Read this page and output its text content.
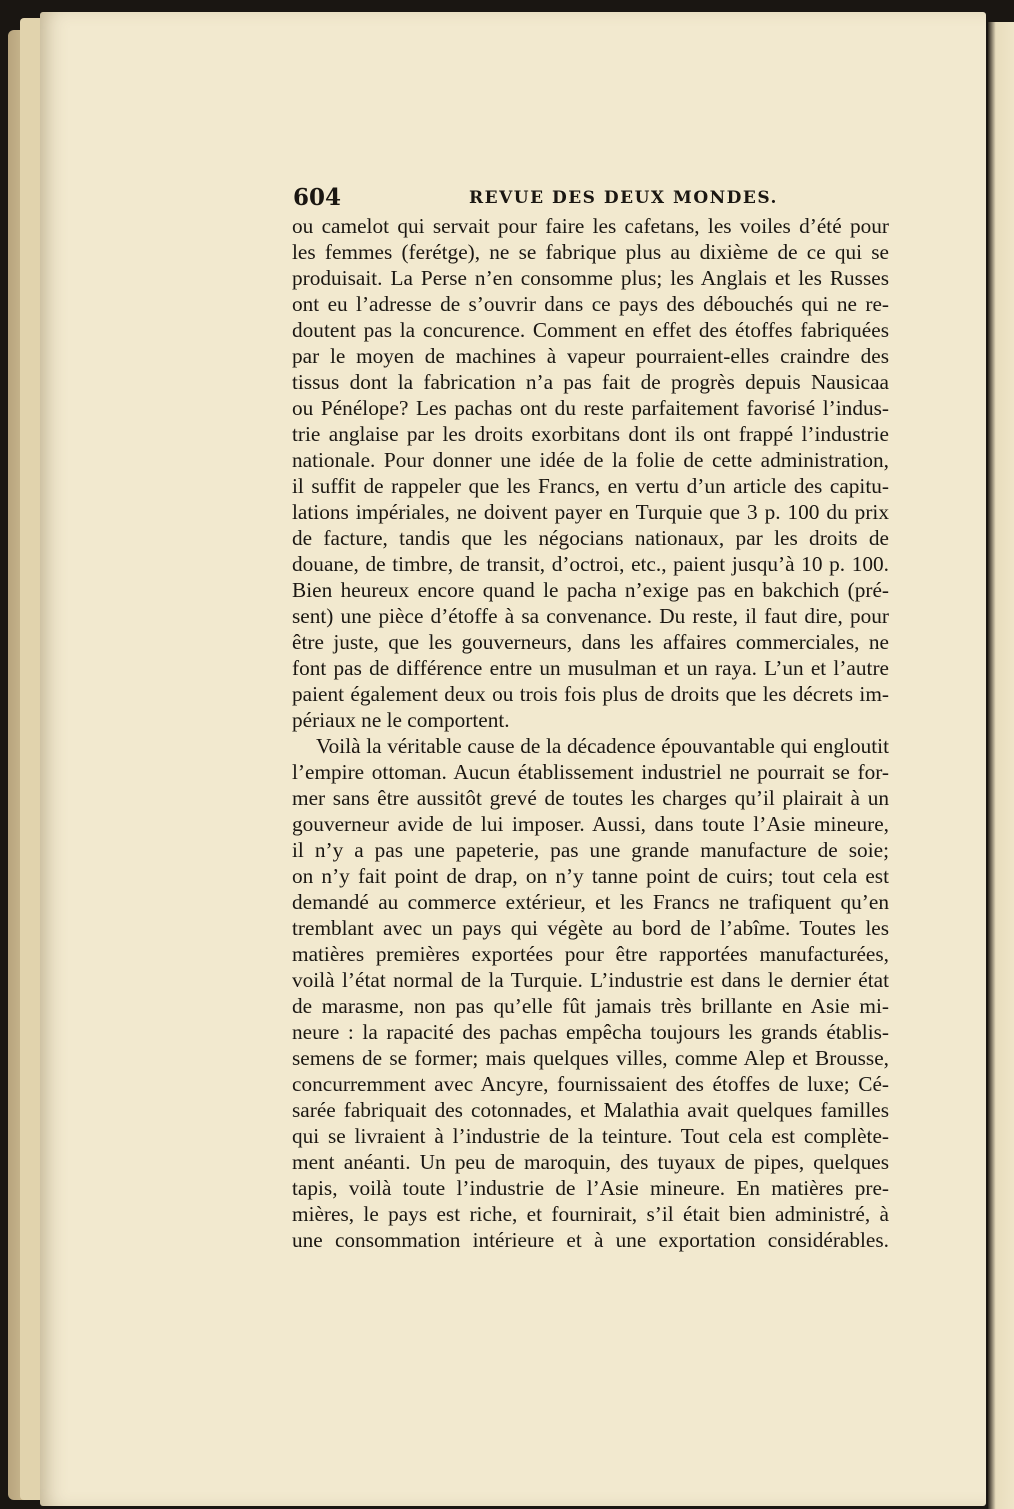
604	REVUE DES DEUX MONDES.
ou camelot qui servait pour faire les cafetans, les voiles d’été pour
les femmes (ferétge), ne se fabrique plus au dixième de ce qui se
produisait. La Perse n’en consomme plus; les Anglais et les Russes
ont eu l’adresse de s’ouvrir dans ce pays des débouchés qui ne re-
doutent pas la concurence. Comment en effet des étoffes fabriquées
par le moyen de machines à vapeur pourraient-elles craindre des
tissus dont la fabrication n’a pas fait de progrès depuis Nausicaa
ou Pénélope? Les pachas ont du reste parfaitement favorisé l’indus-
trie anglaise par les droits exorbitans dont ils ont frappé l’industrie
nationale. Pour donner une idée de la folie de cette administration,
il suffit de rappeler que les Francs, en vertu d’un article des capitu-
lations impériales, ne doivent payer en Turquie que 3 p. 100 du prix
de facture, tandis que les négocians nationaux, par les droits de
douane, de timbre, de transit, d’octroi, etc., paient jusqu’à 10 p. 100.
Bien heureux encore quand le pacha n’exige pas en bakchich (pré-
sent) une pièce d’étoffe à sa convenance. Du reste, il faut dire, pour
être juste, que les gouverneurs, dans les affaires commerciales, ne
font pas de différence entre un musulman et un raya. L’un et l’autre
paient également deux ou trois fois plus de droits que les décrets im-
périaux ne le comportent.
Voilà la véritable cause de la décadence épouvantable qui engloutit
l’empire ottoman. Aucun établissement industriel ne pourrait se for-
mer sans être aussitôt grevé de toutes les charges qu’il plairait à un
gouverneur avide de lui imposer. Aussi, dans toute l’Asie mineure,
il n’y a pas une papeterie, pas une grande manufacture de soie;
on n’y fait point de drap, on n’y tanne point de cuirs; tout cela est
demandé au commerce extérieur, et les Francs ne trafiquent qu’en
tremblant avec un pays qui végète au bord de l’abîme. Toutes les
matières premières exportées pour être rapportées manufacturées,
voilà l’état normal de la Turquie. L’industrie est dans le dernier état
de marasme, non pas qu’elle fût jamais très brillante en Asie mi-
neure : la rapacité des pachas empêcha toujours les grands établis-
semens de se former; mais quelques villes, comme Alep et Brousse,
concurremment avec Ancyre, fournissaient des étoffes de luxe; Cé-
sarée fabriquait des cotonnades, et Malathia avait quelques familles
qui se livraient à l’industrie de la teinture. Tout cela est complète-
ment anéanti. Un peu de maroquin, des tuyaux de pipes, quelques
tapis, voilà toute l’industrie de l’Asie mineure. En matières pre-
mières, le pays est riche, et fournirait, s’il était bien administré, à
une consommation intérieure et à une exportation considérables.
